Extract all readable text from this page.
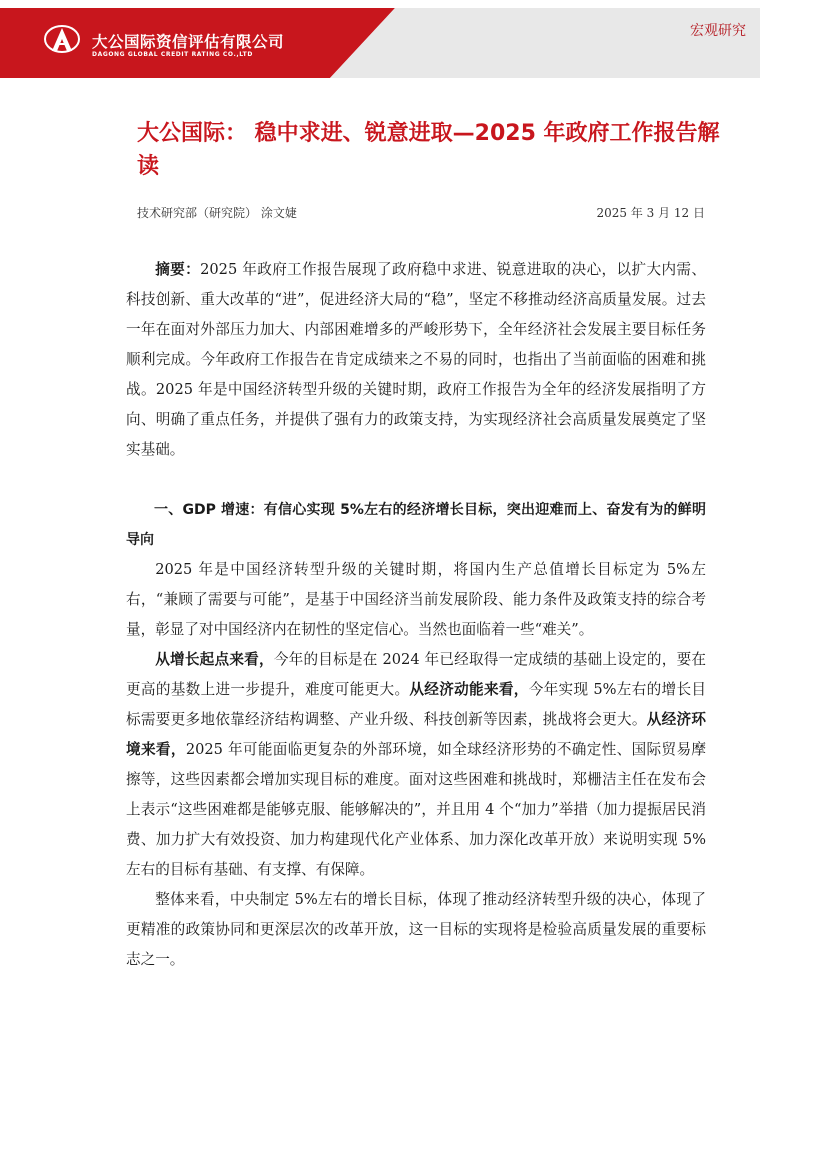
大公国际资信评估有限公司
DAGONG GLOBAL CREDIT RATING CO.,LTD
宏观研究
大公国际： 稳中求进、锐意进取—2025 年政府工作报告解读
技术研究部（研究院） 涂文婕	2025 年 3 月 12 日

摘要：2025 年政府工作报告展现了政府稳中求进、锐意进取的决心，以扩大内需、科技创新、重大改革的“进”，促进经济大局的“稳”，坚定不移推动经济高质量发展。过去一年在面对外部压力加大、内部困难增多的严峻形势下，全年经济社会发展主要目标任务顺利完成。今年政府工作报告在肯定成绩来之不易的同时，也指出了当前面临的困难和挑战。2025 年是中国经济转型升级的关键时期，政府工作报告为全年的经济发展指明了方向、明确了重点任务，并提供了强有力的政策支持，为实现经济社会高质量发展奠定了坚实基础。

一、GDP 增速：有信心实现 5%左右的经济增长目标，突出迎难而上、奋发有为的鲜明导向

2025 年是中国经济转型升级的关键时期，将国内生产总值增长目标定为 5%左右，“兼顾了需要与可能”，是基于中国经济当前发展阶段、能力条件及政策支持的综合考量，彰显了对中国经济内在韧性的坚定信心。当然也面临着一些“难关”。

从增长起点来看，今年的目标是在 2024 年已经取得一定成绩的基础上设定的，要在更高的基数上进一步提升，难度可能更大。从经济动能来看，今年实现 5%左右的增长目标需要更多地依靠经济结构调整、产业升级、科技创新等因素，挑战将会更大。从经济环境来看，2025 年可能面临更复杂的外部环境，如全球经济形势的不确定性、国际贸易摩擦等，这些因素都会增加实现目标的难度。面对这些困难和挑战时，郑栅洁主任在发布会上表示“这些困难都是能够克服、能够解决的”，并且用 4 个“加力”举措（加力提振居民消费、加力扩大有效投资、加力构建现代化产业体系、加力深化改革开放）来说明实现 5%左右的目标有基础、有支撑、有保障。

整体来看，中央制定 5%左右的增长目标，体现了推动经济转型升级的决心，体现了更精准的政策协同和更深层次的改革开放，这一目标的实现将是检验高质量发展的重要标志之一。
